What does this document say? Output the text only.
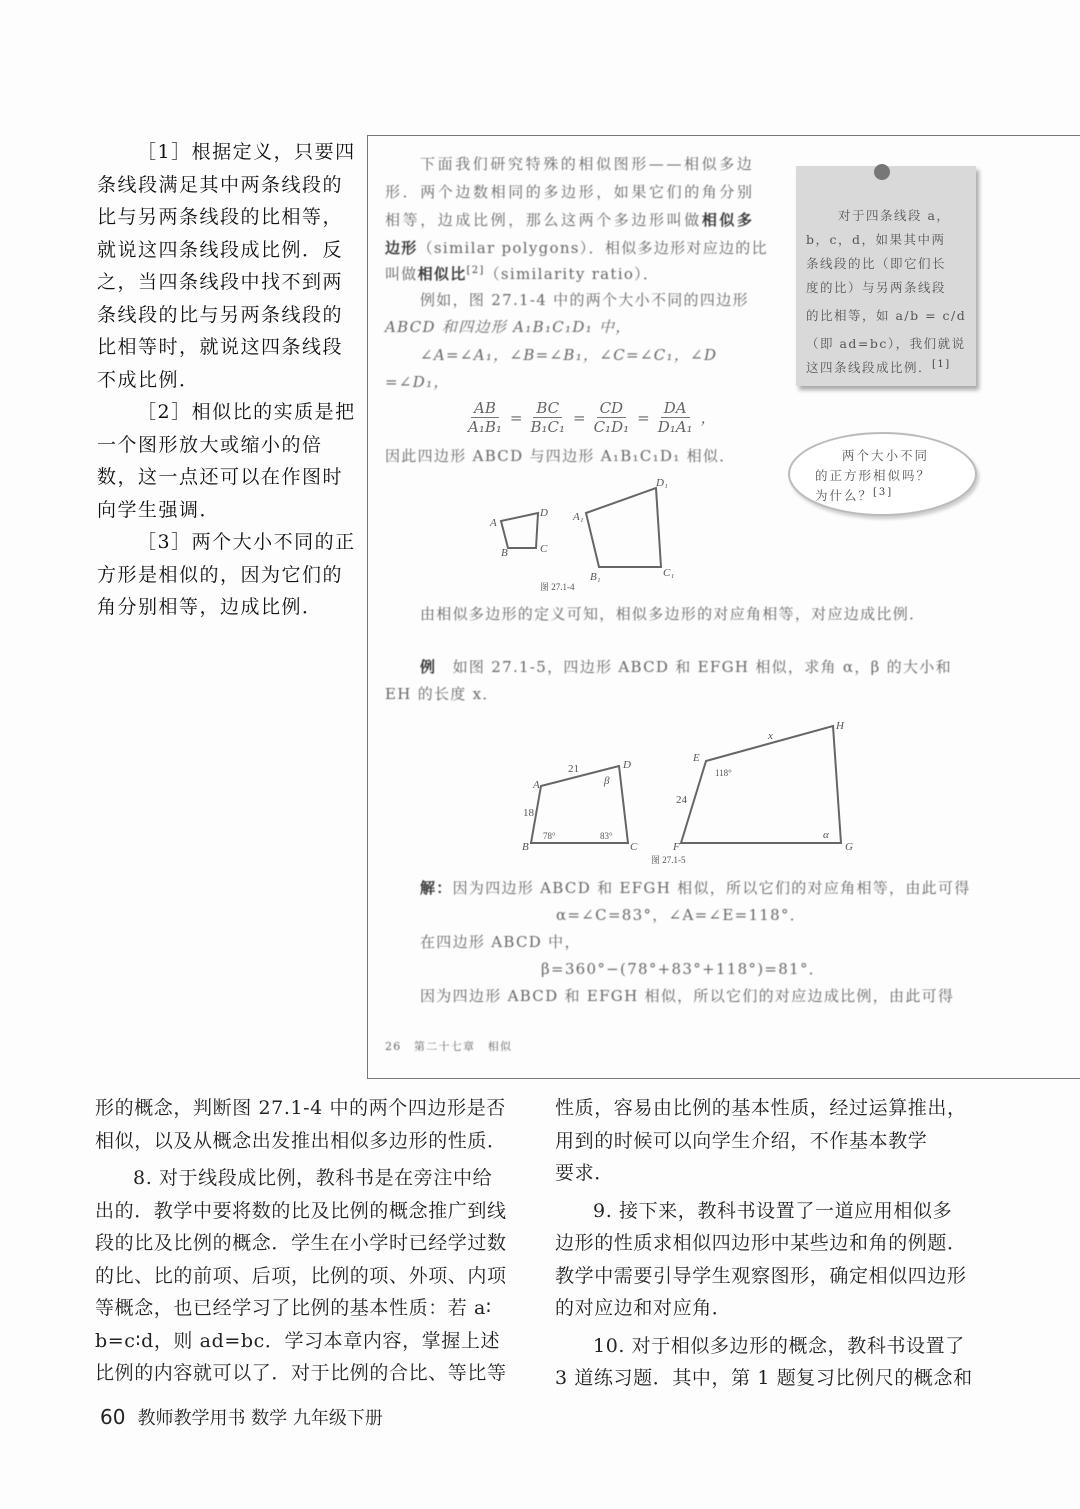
［1］根据定义，只要四
条线段满足其中两条线段的
比与另两条线段的比相等，
就说这四条线段成比例．反
之，当四条线段中找不到两
条线段的比与另两条线段的
比相等时，就说这四条线段
不成比例．
［2］相似比的实质是把
一个图形放大或缩小的倍
数，这一点还可以在作图时
向学生强调．
［3］两个大小不同的正
方形是相似的，因为它们的
角分别相等，边成比例．
下面我们研究特殊的相似图形——相似多边
形．两个边数相同的多边形，如果它们的角分别
相等，边成比例，那么这两个多边形叫做相似多
边形（similar polygons）．相似多边形对应边的比
叫做相似比[2]（similarity ratio）．
例如，图 27.1-4 中的两个大小不同的四边形
ABCD 和四边形 A₁B₁C₁D₁ 中，
∠A=∠A₁，∠B=∠B₁，∠C=∠C₁，∠D
=∠D₁，
$\frac{AB}{\text{A₁B₁}} = \frac{BC}{\text{B₁C₁}} = \frac{CD}{\text{C₁D₁}} = \frac{DA}{\text{D₁A₁}}$ ，
因此四边形 ABCD 与四边形 A₁B₁C₁D₁ 相似．
A
B	C
D A₁
B₁	C₁
D₁
图 27.1-4
A
B	C
D
E
F	G
H
21
18
78°	83°
β
118°
24
x
α
图 27.1-5
由相似多边形的定义可知，相似多边形的对应角相等，对应边成比例．
例　 如图 27.1-5，四边形 ABCD 和 EFGH 相似，求角 α，β 的大小和
EH 的长度 x．
解：因为四边形 ABCD 和 EFGH 相似，所以它们的对应角相等，由此可得
α=∠C=83°，∠A=∠E=118°．
在四边形 ABCD 中，
β=360°−(78°+83°+118°)=81°．
因为四边形 ABCD 和 EFGH 相似，所以它们的对应边成比例，由此可得
26　第二十七章　相似
对于四条线段 a，
b，c，d，如果其中两
条线段的比（即它们长
度的比）与另两条线段
的比相等，如 a/b = c/d
（即 ad=bc），我们就说
这四条线段成比例．[1]
两个大小不同
的正方形相似吗？
为什么？[3]
形的概念，判断图 27.1-4 中的两个四边形是否
相似，以及从概念出发推出相似多边形的性质．
8. 对于线段成比例，教科书是在旁注中给
出的．教学中要将数的比及比例的概念推广到线
段的比及比例的概念．学生在小学时已经学过数
的比、比的前项、后项，比例的项、外项、内项
等概念，也已经学习了比例的基本性质：若 a∶
b=c∶d，则 ad=bc．学习本章内容，掌握上述
比例的内容就可以了．对于比例的合比、等比等
性质，容易由比例的基本性质，经过运算推出，
用到的时候可以向学生介绍，不作基本教学
要求．
9. 接下来，教科书设置了一道应用相似多
边形的性质求相似四边形中某些边和角的例题．
教学中需要引导学生观察图形，确定相似四边形
的对应边和对应角．
10. 对于相似多边形的概念，教科书设置了
3 道练习题．其中，第 1 题复习比例尺的概念和
60 教师教学用书 数学 九年级下册
